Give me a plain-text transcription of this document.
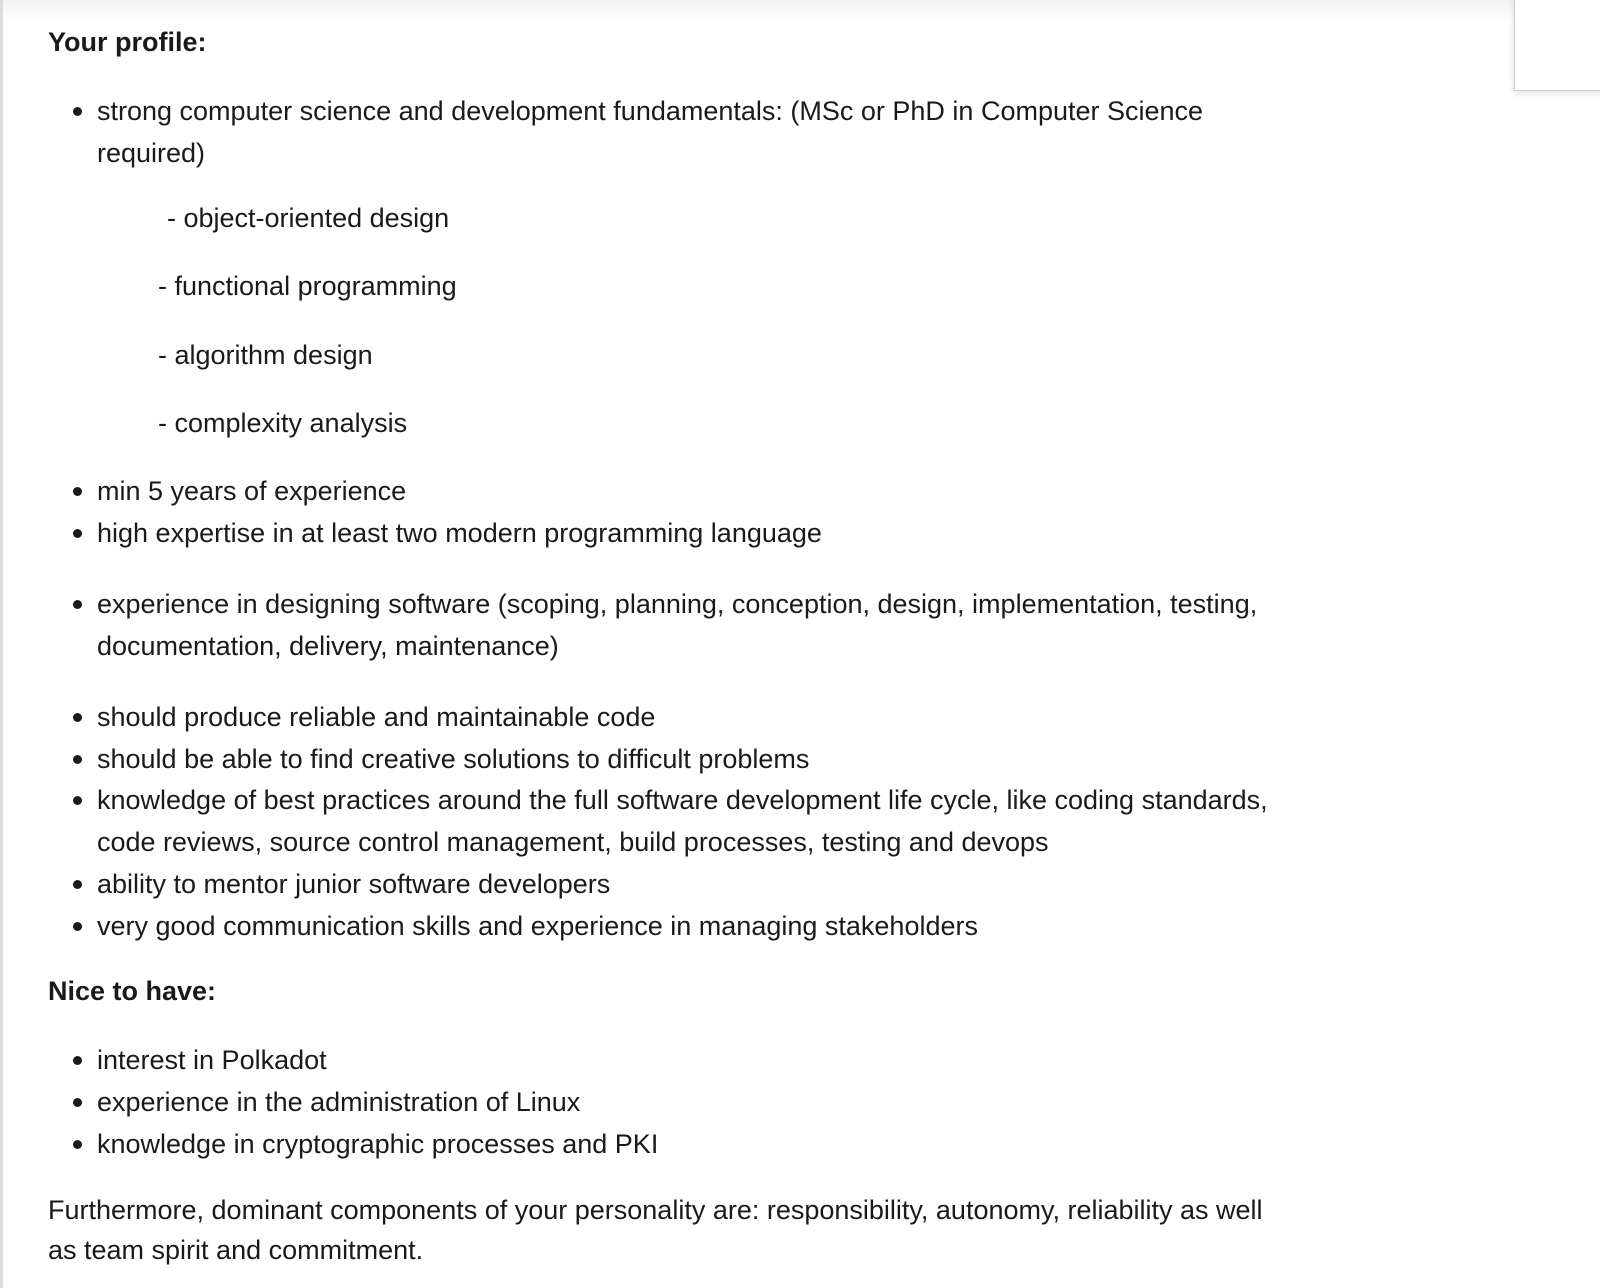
Your profile:
strong computer science and development fundamentals: (MSc or PhD in Computer Science required)
- object-oriented design
- functional programming
- algorithm design
- complexity analysis
min 5 years of experience
high expertise in at least two modern programming language
experience in designing software (scoping, planning, conception, design, implementation, testing, documentation, delivery, maintenance)
should produce reliable and maintainable code
should be able to find creative solutions to difficult problems
knowledge of best practices around the full software development life cycle, like coding standards, code reviews, source control management, build processes, testing and devops
ability to mentor junior software developers
very good communication skills and experience in managing stakeholders
Nice to have:
interest in Polkadot
experience in the administration of Linux
knowledge in cryptographic processes and PKI
Furthermore, dominant components of your personality are: responsibility, autonomy, reliability as well as team spirit and commitment.
